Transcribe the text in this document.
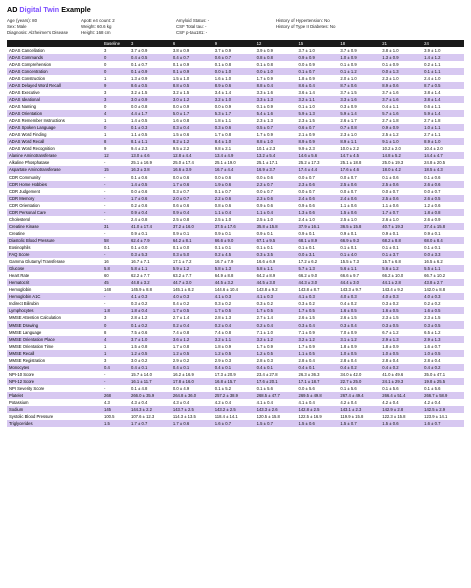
AD Digital Twin Example
Age (years): 80
Sex: Male
Diagnosis: Alzheimer's Disease
ApoE e4 count: 2
Weight: 60.6 kg
Height: 168 cm
Amyloid Status: -
CSF Total tau: -
CSF p-tau181: -
History of Hypertension: No
History of Type II Diabetes: No
	Baseline	3	6	9	12	15	18	21	24
ADAS Cancellation	3	3.7 ± 0.9	3.8 ± 0.9	3.7 ± 0.9	3.9 ± 0.9	3.7 ± 1.0	3.7 ± 0.9	3.8 ± 1.0	3.9 ± 1.0
ADAS Commands	0	0.4 ± 0.5	0.4 ± 0.7	0.6 ± 0.7	0.8 ± 0.8	0.9 ± 0.9	1.0 ± 0.9	1.3 ± 0.9	1.4 ± 1.2
ADAS Comprehension	0	0.1 ± 0.7	0.1 ± 0.9	0.1 ± 0.8	0.1 ± 0.8	0.0 ± 0.9	0.1 ± 0.9	0.1 ± 0.9	0.2 ± 1.1
ADAS Concentration	0	0.1 ± 0.9	0.1 ± 0.9	0.0 ± 1.0	0.0 ± 1.0	0.1 ± 0.7	0.1 ± 1.2	0.0 ± 1.3	0.1 ± 1.1
ADAS Construction	1	1.3 ± 0.9	1.5 ± 1.0	1.6 ± 1.0	1.7 ± 0.9	1.8 ± 0.9	2.0 ± 1.0	2.3 ± 1.0	2.4 ± 1.0
ADAS Delayed Word Recall	9	8.6 ± 0.5	8.8 ± 0.5	8.9 ± 0.6	8.8 ± 0.4	8.6 ± 0.4	8.7 ± 0.6	8.9 ± 0.6	8.7 ± 0.5
ADAS Executive	3	3.2 ± 1.5	3.2 ± 1.5	3.4 ± 1.4	3.3 ± 1.6	3.6 ± 1.4	3.7 ± 1.5	3.7 ± 1.6	3.8 ± 1.4
ADAS Ideational	3	3.0 ± 0.9	3.0 ± 1.2	3.2 ± 1.0	3.3 ± 1.3	3.2 ± 1.1	3.3 ± 1.6	3.7 ± 1.6	3.8 ± 1.4
ADAS Naming	0	0.0 ± 0.8	0.0 ± 0.9	0.0 ± 0.9	0.1 ± 0.9	0.1 ± 1.0	0.3 ± 0.9	0.4 ± 1.1	0.6 ± 1.1
ADAS Orientation	4	4.4 ± 1.7	5.0 ± 1.7	5.3 ± 1.7	5.4 ± 1.6	5.9 ± 1.3	5.9 ± 1.4	5.7 ± 1.6	5.9 ± 1.4
ADAS Remember Instructions	1	1.4 ± 0.5	1.6 ± 0.8	1.8 ± 1.1	2.3 ± 1.3	2.3 ± 1.5	2.6 ± 1.7	2.7 ± 1.8	2.7 ± 1.8
ADAS Spoken Language	0	0.1 ± 0.3	0.3 ± 0.4	0.3 ± 0.6	0.5 ± 0.7	0.6 ± 0.7	0.7 ± 0.8	0.9 ± 0.9	1.0 ± 1.1
ADAS Word Finding	1	1.1 ± 0.5	1.5 ± 0.6	1.7 ± 0.8	1.7 ± 0.9	2.1 ± 0.9	2.3 ± 1.0	2.5 ± 1.2	2.7 ± 1.1
ADAS Word Recall	8	8.1 ± 1.1	8.2 ± 1.2	8.4 ± 1.0	8.8 ± 1.0	8.9 ± 0.9	8.9 ± 1.1	9.1 ± 1.0	8.9 ± 1.0
ADAS Word Recognition	9	9.4 ± 2.3	9.5 ± 2.2	9.8 ± 2.1	10.1 ± 2.3	9.9 ± 2.3	10.0 ± 2.2	10.2 ± 2.0	10.4 ± 2.0
Alanine Aminotransferase	12	13.0 ± 4.6	12.8 ± 4.4	13.4 ± 4.9	13.2 ± 5.4	14.6 ± 5.6	14.7 ± 4.5	14.8 ± 5.2	14.4 ± 4.7
Alkaline Phosphatase	-	25.1 ± 16.9	25.0 ± 17.4	25.1 ± 19.0	25.1 ± 17.1	25.2 ± 17.3	25.1 ± 18.8	25.0 ± 19.3	24.8 ± 20.5
Aspartate Aminotransferase	15	16.3 ± 3.8	16.6 ± 3.9	16.7 ± 4.4	16.9 ± 3.7	17.4 ± 4.4	17.6 ± 4.6	18.0 ± 4.2	18.5 ± 4.3
CDR Community	-	0.1 ± 0.6	0.0 ± 0.6	0.0 ± 0.6	0.0 ± 0.6	0.0 ± 0.7	0.0 ± 0.7	0.1 ± 0.6	0.1 ± 0.6
CDR Home Hobbies	-	1.4 ± 0.5	1.7 ± 0.6	1.9 ± 0.6	2.2 ± 0.7	2.3 ± 0.6	2.5 ± 0.6	2.5 ± 0.6	2.6 ± 0.6
CDR Judgement	-	0.0 ± 0.6	0.3 ± 0.7	0.1 ± 0.7	0.0 ± 0.7	0.0 ± 0.7	0.0 ± 0.7	0.0 ± 0.7	0.0 ± 0.7
CDR Memory	-	1.7 ± 0.6	2.0 ± 0.7	2.2 ± 0.6	2.3 ± 0.6	2.4 ± 0.6	2.4 ± 0.6	2.5 ± 0.6	2.6 ± 0.5
CDR Orientation	-	0.2 ± 0.6	0.6 ± 0.6	0.8 ± 0.6	0.9 ± 0.6	0.9 ± 0.6	1.1 ± 0.6	1.1 ± 0.6	1.2 ± 0.6
CDR Personal Care	-	0.9 ± 0.4	0.9 ± 0.4	1.1 ± 0.4	1.1 ± 0.4	1.3 ± 0.6	1.5 ± 0.6	1.7 ± 0.7	1.8 ± 0.8
Cholesterol	-	2.4 ± 0.8	2.5 ± 0.8	2.5 ± 1.0	2.5 ± 1.0	2.4 ± 1.0	2.5 ± 1.0	2.6 ± 1.0	2.6 ± 0.9
Creatine Kinase	31	41.0 ± 17.4	37.2 ± 16.0	37.5 ± 17.6	35.8 ± 15.8	37.9 ± 16.1	36.5 ± 15.8	40.7 ± 19.3	37.4 ± 15.8
Creatine	-	0.9 ± 0.1	0.9 ± 0.1	0.9 ± 0.1	0.9 ± 0.1	0.9 ± 0.1	0.9 ± 0.1	0.9 ± 0.1	0.9 ± 0.1
Diastolic Blood Pressure	58	62.4 ± 7.9	64.2 ± 8.1	66.6 ± 9.0	67.1 ± 9.5	68.1 ± 8.9	66.9 ± 9.3	68.2 ± 8.8	68.0 ± 8.4
Eosinophils	0.1	0.1 ± 0.0	0.1 ± 0.0	0.1 ± 0.1	0.1 ± 0.1	0.1 ± 0.1	0.1 ± 0.1	0.1 ± 0.1	0.1 ± 0.1
FAQ Score	-	0.3 ± 5.3	0.3 ± 5.0	0.2 ± 4.5	0.3 ± 3.5	0.0 ± 3.1	0.1 ± 4.0	0.1 ± 3.7	0.0 ± 3.3
Gamma Glutamyl Transferase	16	16.7 ± 7.1	17.1 ± 7.2	16.7 ± 7.9	16.6 ± 6.9	17.2 ± 6.2	15.5 ± 7.3	15.7 ± 6.8	16.5 ± 6.2
Glucose	5.8	5.8 ± 1.1	5.9 ± 1.2	5.8 ± 1.3	5.8 ± 1.1	5.7 ± 1.3	5.6 ± 1.1	5.6 ± 1.2	5.5 ± 1.1
Heart Rate	60	62.2 ± 7.7	63.2 ± 7.7	64.9 ± 8.8	64.2 ± 8.9	66.2 ± 9.0	66.6 ± 9.7	66.2 ± 10.0	66.7 ± 10.2
Hematocrit	45	44.8 ± 3.2	44.7 ± 3.0	44.5 ± 3.2	44.5 ± 3.0	44.3 ± 3.0	44.4 ± 3.0	44.1 ± 2.8	43.8 ± 2.7
Hemoglobin	148	145.9 ± 8.8	145.1 ± 8.2	144.6 ± 10.4	143.8 ± 9.2	143.8 ± 8.7	143.3 ± 9.7	143.4 ± 9.2	142.0 ± 8.8
Hemoglobin A1C	-	4.1 ± 0.3	4.0 ± 0.3	4.1 ± 0.3	4.1 ± 0.3	4.1 ± 0.3	4.0 ± 0.3	4.0 ± 0.3	4.0 ± 0.3
Indirect Bilirubin	-	0.3 ± 0.2	0.4 ± 0.2	0.3 ± 0.2	0.3 ± 0.2	0.3 ± 0.2	0.4 ± 0.2	0.3 ± 0.2	0.2 ± 0.2
Lymphocytes	1.8	1.8 ± 0.4	1.7 ± 0.5	1.7 ± 0.5	1.7 ± 0.5	1.7 ± 0.5	1.6 ± 0.5	1.6 ± 0.5	1.6 ± 0.5
MMSE Attention Calculation	3	2.8 ± 1.2	2.7 ± 1.4	2.8 ± 1.3	2.7 ± 1.4	2.6 ± 1.5	2.6 ± 1.5	2.3 ± 1.5	2.3 ± 1.5
MMSE Drawing	0	0.1 ± 0.2	0.2 ± 0.4	0.2 ± 0.4	0.2 ± 0.4	0.3 ± 0.4	0.3 ± 0.4	0.3 ± 0.5	0.3 ± 0.5
MMSE Language	8	7.5 ± 0.6	7.4 ± 0.8	7.4 ± 0.8	7.1 ± 1.0	7.1 ± 0.9	7.0 ± 0.9	6.7 ± 1.2	6.5 ± 1.2
MMSE Orientation Place	4	3.7 ± 1.0	3.6 ± 1.2	3.2 ± 1.1	3.2 ± 1.2	3.2 ± 1.2	3.1 ± 1.2	2.9 ± 1.3	2.9 ± 1.3
MMSE Orientation Time	1	1.5 ± 0.8	1.7 ± 0.8	1.8 ± 0.9	1.7 ± 0.9	1.7 ± 0.9	1.8 ± 0.9	1.8 ± 0.9	1.6 ± 0.7
MMSE Recall	1	1.2 ± 0.5	1.2 ± 0.5	1.2 ± 0.5	1.2 ± 0.5	1.1 ± 0.5	1.0 ± 0.5	1.0 ± 0.5	1.0 ± 0.5
MMSE Registration	3	3.0 ± 0.2	2.9 ± 0.2	2.9 ± 0.3	2.8 ± 0.3	2.8 ± 0.4	2.8 ± 0.4	2.8 ± 0.4	2.8 ± 0.4
Monocytes	0.4	0.4 ± 0.1	0.4 ± 0.1	0.4 ± 0.1	0.4 ± 0.1	0.4 ± 0.1	0.4 ± 0.2	0.4 ± 0.2	0.4 ± 0.2
NPI-10 Score	-	15.7 ± 14.0	16.2 ± 16.9	17.3 ± 20.9	23.4 ± 27.8	26.3 ± 36.3	34.0 ± 42.0	41.0 ± 49.6	35.0 ± 47.1
NPI-12 Score	-	16.1 ± 11.7	17.8 ± 16.0	16.8 ± 15.7	17.6 ± 20.1	17.1 ± 18.7	22.7 ± 25.0	24.1 ± 29.3	19.8 ± 25.5
NPI Severity Score	-	0.1 ± 4.8	0.0 ± 4.9	0.1 ± 5.2	0.1 ± 5.6	0.0 ± 5.6	0.1 ± 5.6	0.1 ± 5.6	0.1 ± 5.6
Platelet	268	266.0 ± 35.9	264.8 ± 36.0	257.2 ± 38.9	268.5 ± 47.7	269.5 ± 49.8	267.4 ± 49.4	266.4 ± 51.4	266.7 ± 58.9
Potassium	4.3	4.3 ± 0.4	4.3 ± 0.4	4.2 ± 0.4	4.1 ± 0.4	4.1 ± 0.4	4.2 ± 0.4	4.2 ± 0.4	4.2 ± 0.4
Sodium	145	144.3 ± 2.2	143.7 ± 2.5	143.2 ± 2.5	143.3 ± 2.6	142.8 ± 2.5	143.1 ± 2.3	142.9 ± 2.8	142.5 ± 2.9
Systolic Blood Pressure	100.5	107.6 ± 12.3	114.3 ± 13.5	118.4 ± 14.1	120.5 ± 15.8	122.5 ± 16.9	119.9 ± 15.8	122.3 ± 15.8	123.9 ± 14.1
Triglycerides	1.5	1.7 ± 0.7	1.7 ± 0.6	1.6 ± 0.7	1.5 ± 0.7	1.5 ± 0.6	1.5 ± 0.7	1.5 ± 0.6	1.6 ± 0.7
